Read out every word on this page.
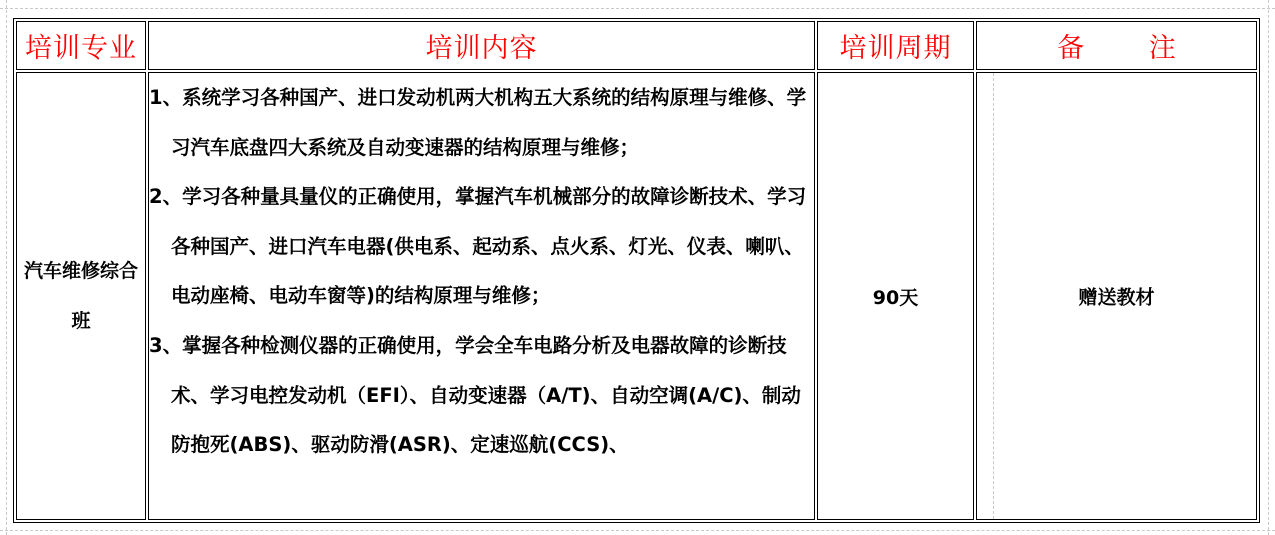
培训专业	培训内容	培训周期	备 注

汽车维修综合班	1、系统学习各种国产、进口发动机两大机构五大系统的结构原理与维修、学习汽车底盘四大系统及自动变速器的结构原理与维修；
2、学习各种量具量仪的正确使用，掌握汽车机械部分的故障诊断技术、学习各种国产、进口汽车电器(供电系、起动系、点火系、灯光、仪表、喇叭、电动座椅、电动车窗等)的结构原理与维修；
3、掌握各种检测仪器的正确使用，学会全车电路分析及电器故障的诊断技术、学习电控发动机（EFI）、自动变速器（A/T)、自动空调(A/C)、制动防抱死(ABS)、驱动防滑(ASR)、定速巡航(CCS)、	90天	赠送教材
